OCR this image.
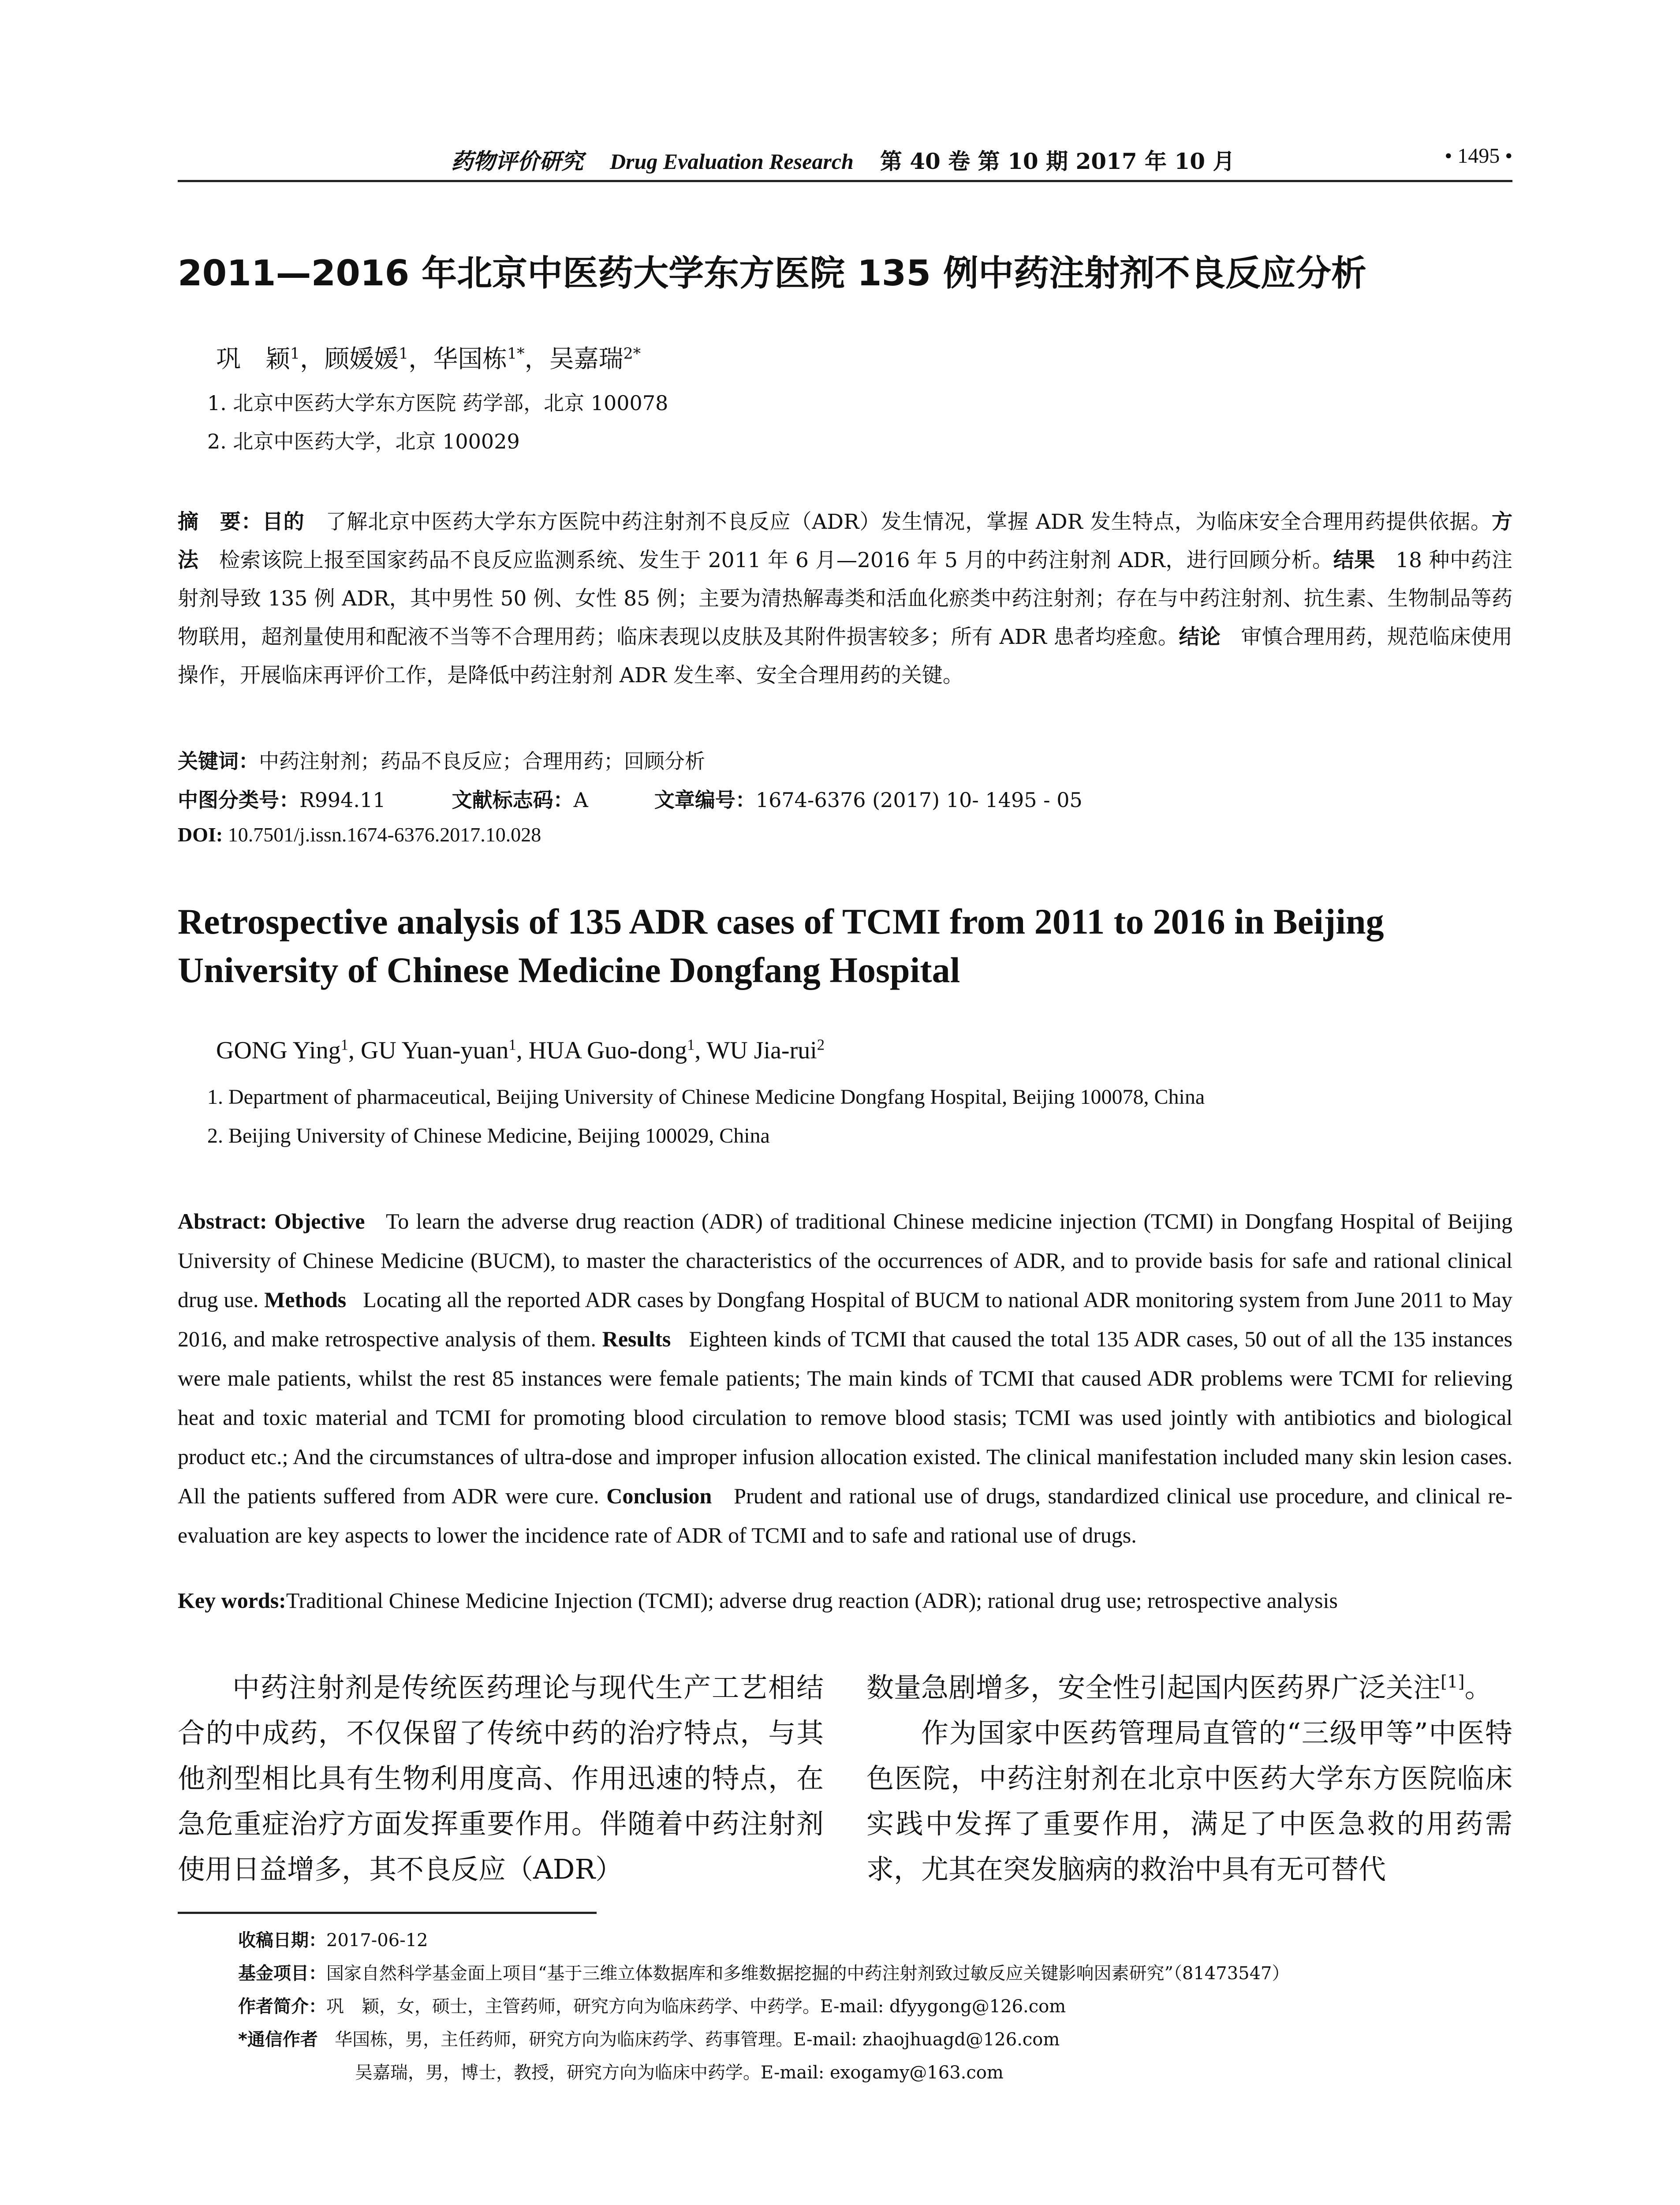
药物评价研究 Drug Evaluation Research 第 40 卷 第 10 期 2017 年 10 月	• 1495 •
2011—2016 年北京中医药大学东方医院 135 例中药注射剂不良反应分析
巩　颖$^1$，顾媛媛$^1$，华国栋$^{1*}$，吴嘉瑞$^{2*}$
1. 北京中医药大学东方医院 药学部，北京 100078
2. 北京中医药大学，北京 100029

摘　要：目的 了解北京中医药大学东方医院中药注射剂不良反应（ADR）发生情况，掌握 ADR 发生特点，为临床安全合理用药提供依据。方法 检索该院上报至国家药品不良反应监测系统、发生于 2011 年 6 月—2016 年 5 月的中药注射剂 ADR，进行回顾分析。结果 18 种中药注射剂导致 135 例 ADR，其中男性 50 例、女性 85 例；主要为清热解毒类和活血化瘀类中药注射剂；存在与中药注射剂、抗生素、生物制品等药物联用，超剂量使用和配液不当等不合理用药；临床表现以皮肤及其附件损害较多；所有 ADR 患者均痊愈。结论 审慎合理用药，规范临床使用操作，开展临床再评价工作，是降低中药注射剂 ADR 发生率、安全合理用药的关键。

关键词：中药注射剂；药品不良反应；合理用药；回顾分析
中图分类号：R994.11	文献标志码：A	文章编号：1674-6376 (2017) 10- 1495 - 05
DOI: 10.7501/j.issn.1674-6376.2017.10.028
Retrospective analysis of 135 ADR cases of TCMI from 2011 to 2016 in Beijing University of Chinese Medicine Dongfang Hospital
GONG Ying$^1$, GU Yuan-yuan$^1$, HUA Guo-dong$^1$, WU Jia-rui$^2$
1. Department of pharmaceutical, Beijing University of Chinese Medicine Dongfang Hospital, Beijing 100078, China
2. Beijing University of Chinese Medicine, Beijing 100029, China

Abstract: Objective To learn the adverse drug reaction (ADR) of traditional Chinese medicine injection (TCMI) in Dongfang Hospital of Beijing University of Chinese Medicine (BUCM), to master the characteristics of the occurrences of ADR, and to provide basis for safe and rational clinical drug use. Methods Locating all the reported ADR cases by Dongfang Hospital of BUCM to national ADR monitoring system from June 2011 to May 2016, and make retrospective analysis of them. Results Eighteen kinds of TCMI that caused the total 135 ADR cases, 50 out of all the 135 instances were male patients, whilst the rest 85 instances were female patients; The main kinds of TCMI that caused ADR problems were TCMI for relieving heat and toxic material and TCMI for promoting blood circulation to remove blood stasis; TCMI was used jointly with antibiotics and biological product etc.; And the circumstances of ultra-dose and improper infusion allocation existed. The clinical manifestation included many skin lesion cases. All the patients suffered from ADR were cure. Conclusion Prudent and rational use of drugs, standardized clinical use procedure, and clinical re-evaluation are key aspects to lower the incidence rate of ADR of TCMI and to safe and rational use of drugs.

Key words:Traditional Chinese Medicine Injection (TCMI); adverse drug reaction (ADR); rational drug use; retrospective analysis

中药注射剂是传统医药理论与现代生产工艺相结合的中成药，不仅保留了传统中药的治疗特点，与其他剂型相比具有生物利用度高、作用迅速的特点，在急危重症治疗方面发挥重要作用。伴随着中药注射剂使用日益增多，其不良反应（ADR）

数量急剧增多，安全性引起国内医药界广泛关注[1]。
作为国家中医药管理局直管的“三级甲等”中医特色医院，中药注射剂在北京中医药大学东方医院临床实践中发挥了重要作用，满足了中医急救的用药需求，尤其在突发脑病的救治中具有无可替代
收稿日期：2017-06-12
基金项目：国家自然科学基金面上项目“基于三维立体数据库和多维数据挖掘的中药注射剂致过敏反应关键影响因素研究”（81473547）
作者简介：巩　颖，女，硕士，主管药师，研究方向为临床药学、中药学。E-mail: dfyygong@126.com
*通信作者 华国栋，男，主任药师，研究方向为临床药学、药事管理。E-mail: zhaojhuagd@126.com
吴嘉瑞，男，博士，教授，研究方向为临床中药学。E-mail: exogamy@163.com
